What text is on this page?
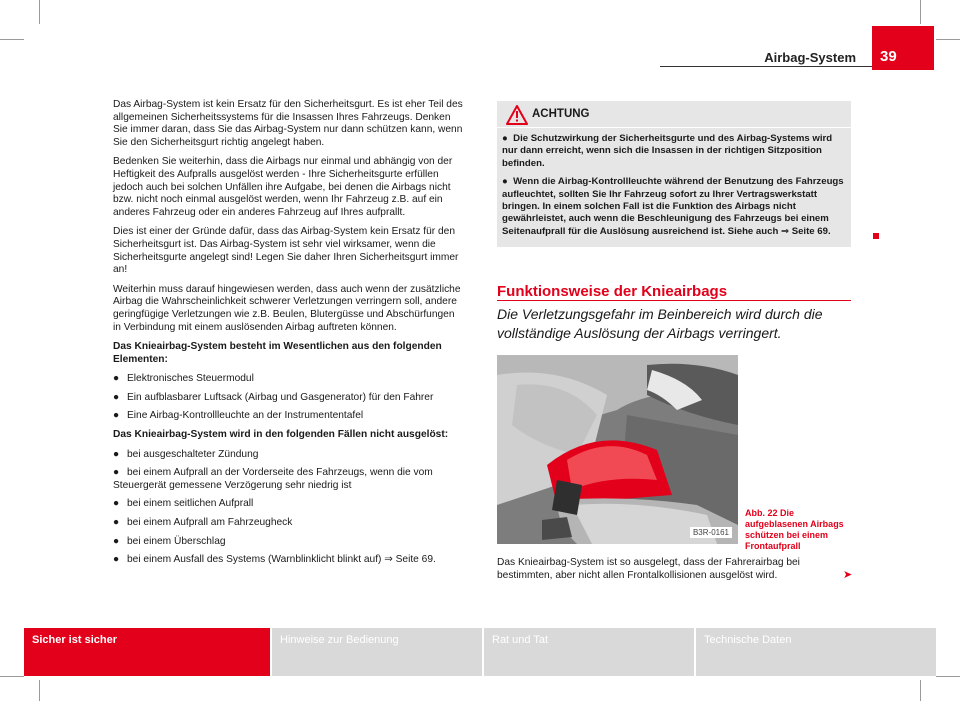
Airbag-System	39

Das Airbag-System ist kein Ersatz für den Sicherheitsgurt. Es ist eher Teil des allgemeinen Sicherheitssystems für die Insassen Ihres Fahrzeugs. Denken Sie immer daran, dass Sie das Airbag-System nur dann schützen kann, wenn Sie den Sicherheitsgurt richtig angelegt haben.

Bedenken Sie weiterhin, dass die Airbags nur einmal und abhängig von der Heftigkeit des Aufpralls ausgelöst werden - Ihre Sicherheitsgurte erfüllen jedoch auch bei solchen Unfällen ihre Aufgabe, bei denen die Airbags nicht bzw. nicht noch einmal ausgelöst werden, wenn Ihr Fahrzeug z.B. auf ein anderes Fahrzeug oder ein anderes Fahrzeug auf Ihres aufprallt.

Dies ist einer der Gründe dafür, dass das Airbag-System kein Ersatz für den Sicherheitsgurt ist. Das Airbag-System ist sehr viel wirksamer, wenn die Sicherheitsgurte angelegt sind! Legen Sie daher Ihren Sicherheitsgurt immer an!

Weiterhin muss darauf hingewiesen werden, dass auch wenn der zusätzliche Airbag die Wahrscheinlichkeit schwerer Verletzungen verringern soll, andere geringfügige Verletzungen wie z.B. Beulen, Blutergüsse und Abschürfungen in Verbindung mit einem auslösenden Airbag auftreten können.

Das Knieairbag-System besteht im Wesentlichen aus den folgenden Elementen:

● Elektronisches Steuermodul
● Ein aufblasbarer Luftsack (Airbag und Gasgenerator) für den Fahrer
● Eine Airbag-Kontrollleuchte an der Instrumententafel

Das Knieairbag-System wird in den folgenden Fällen nicht ausgelöst:

● bei ausgeschalteter Zündung
● bei einem Aufprall an der Vorderseite des Fahrzeugs, wenn die vom Steuergerät gemessene Verzögerung sehr niedrig ist
● bei einem seitlichen Aufprall
● bei einem Aufprall am Fahrzeugheck
● bei einem Überschlag
● bei einem Ausfall des Systems (Warnblinklicht blinkt auf) ⇒ Seite 69.
ACHTUNG

● Die Schutzwirkung der Sicherheitsgurte und des Airbag-Systems wird nur dann erreicht, wenn sich die Insassen in der richtigen Sitzposition befinden.

● Wenn die Airbag-Kontrollleuchte während der Benutzung des Fahrzeugs aufleuchtet, sollten Sie Ihr Fahrzeug sofort zu Ihrer Vertragswerkstatt bringen. In einem solchen Fall ist die Funktion des Airbags nicht gewährleistet, auch wenn die Beschleunigung des Fahrzeugs bei einem Seitenaufprall für die Auslösung ausreichend ist. Siehe auch ⇒ Seite 69.

Funktionsweise der Knieairbags
Die Verletzungsgefahr im Beinbereich wird durch die vollständige Auslösung der Airbags verringert.
B3R-0161
Abb. 22 Die aufgeblasenen Airbags schützen bei einem Frontaufprall
Das Knieairbag-System ist so ausgelegt, dass der Fahrerairbag bei bestimmten, aber nicht allen Frontalkollisionen ausgelöst wird.	➤
Sicher ist sicher	Hinweise zur Bedienung	Rat und Tat	Technische Daten
